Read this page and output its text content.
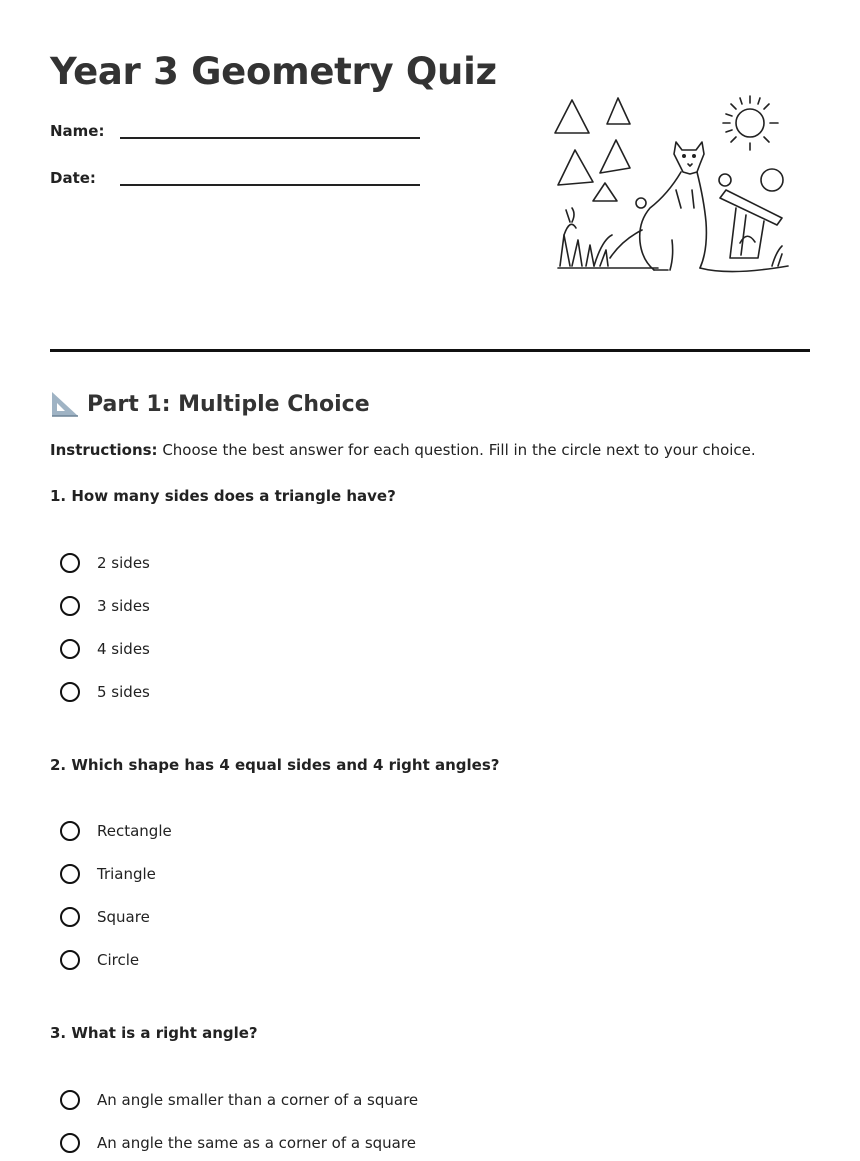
Year 3 Geometry Quiz
Name:
Date:
Part 1: Multiple Choice
Instructions: Choose the best answer for each question. Fill in the circle next to your choice.
1. How many sides does a triangle have?
2 sides
3 sides
4 sides
5 sides
2. Which shape has 4 equal sides and 4 right angles?
Rectangle
Triangle
Square
Circle
3. What is a right angle?
An angle smaller than a corner of a square
An angle the same as a corner of a square
